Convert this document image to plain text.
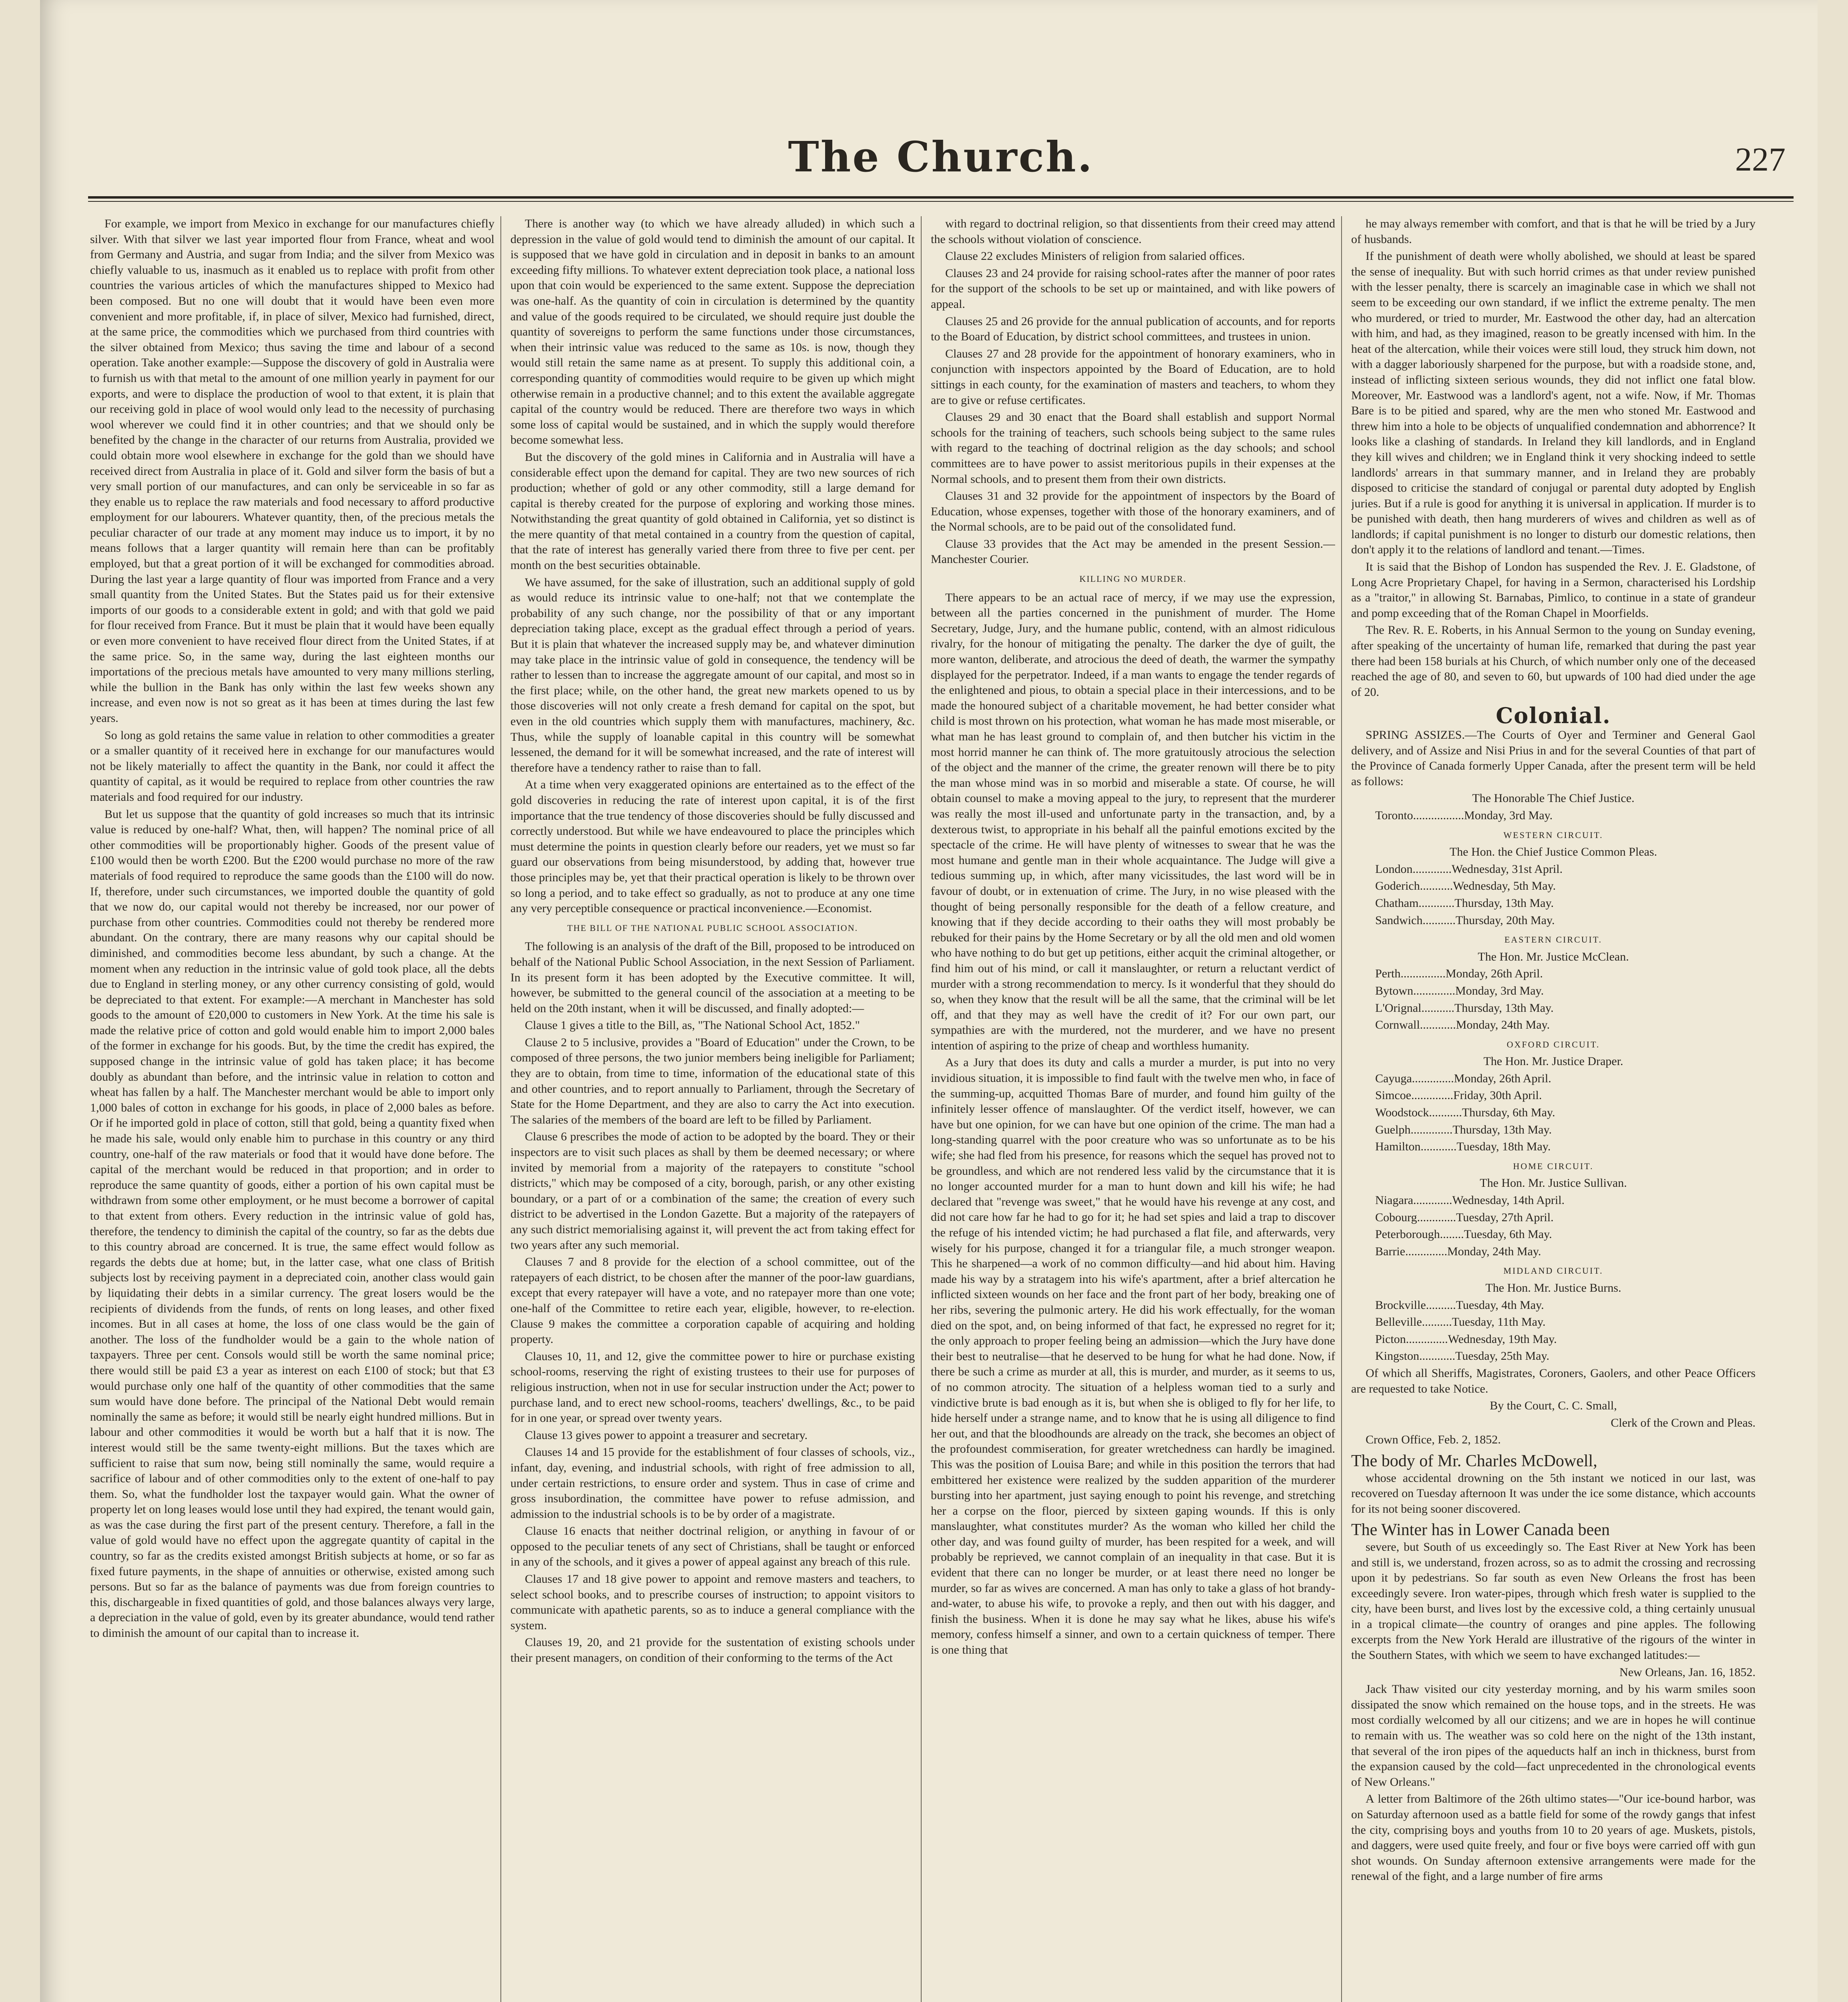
The Church.	227

For example, we import from Mexico in exchange for our manufactures chiefly silver. With that silver we last year imported flour from France, wheat and wool from Germany and Austria, and sugar from India; and the silver from Mexico was chiefly valuable to us, inasmuch as it enabled us to replace with profit from other countries the various articles of which the manufactures shipped to Mexico had been composed. But no one will doubt that it would have been even more convenient and more profitable, if, in place of silver, Mexico had furnished, direct, at the same price, the commodities which we purchased from third countries with the silver obtained from Mexico; thus saving the time and labour of a second operation. Take another example:—Suppose the discovery of gold in Australia were to furnish us with that metal to the amount of one million yearly in payment for our exports, and were to displace the production of wool to that extent, it is plain that our receiving gold in place of wool would only lead to the necessity of purchasing wool wherever we could find it in other countries; and that we should only be benefited by the change in the character of our returns from Australia, provided we could obtain more wool elsewhere in exchange for the gold than we should have received direct from Australia in place of it. Gold and silver form the basis of but a very small portion of our manufactures, and can only be serviceable in so far as they enable us to replace the raw materials and food necessary to afford productive employment for our labourers. Whatever quantity, then, of the precious metals the peculiar character of our trade at any moment may induce us to import, it by no means follows that a larger quantity will remain here than can be profitably employed, but that a great portion of it will be exchanged for commodities abroad. During the last year a large quantity of flour was imported from France and a very small quantity from the United States. But the States paid us for their extensive imports of our goods to a considerable extent in gold; and with that gold we paid for flour received from France. But it must be plain that it would have been equally or even more convenient to have received flour direct from the United States, if at the same price. So, in the same way, during the last eighteen months our importations of the precious metals have amounted to very many millions sterling, while the bullion in the Bank has only within the last few weeks shown any increase, and even now is not so great as it has been at times during the last few years.

So long as gold retains the same value in relation to other commodities a greater or a smaller quantity of it received here in exchange for our manufactures would not be likely materially to affect the quantity in the Bank, nor could it affect the quantity of capital, as it would be required to replace from other countries the raw materials and food required for our industry.

But let us suppose that the quantity of gold increases so much that its intrinsic value is reduced by one-half? What, then, will happen? The nominal price of all other commodities will be proportionably higher. Goods of the present value of £100 would then be worth £200. But the £200 would purchase no more of the raw materials of food required to reproduce the same goods than the £100 will do now. If, therefore, under such circumstances, we imported double the quantity of gold that we now do, our capital would not thereby be increased, nor our power of purchase from other countries. Commodities could not thereby be rendered more abundant. On the contrary, there are many reasons why our capital should be diminished, and commodities become less abundant, by such a change. At the moment when any reduction in the intrinsic value of gold took place, all the debts due to England in sterling money, or any other currency consisting of gold, would be depreciated to that extent. For example:—A merchant in Manchester has sold goods to the amount of £20,000 to customers in New York. At the time his sale is made the relative price of cotton and gold would enable him to import 2,000 bales of the former in exchange for his goods. But, by the time the credit has expired, the supposed change in the intrinsic value of gold has taken place; it has become doubly as abundant than before, and the intrinsic value in relation to cotton and wheat has fallen by a half. The Manchester merchant would be able to import only 1,000 bales of cotton in exchange for his goods, in place of 2,000 bales as before. Or if he imported gold in place of cotton, still that gold, being a quantity fixed when he made his sale, would only enable him to purchase in this country or any third country, one-half of the raw materials or food that it would have done before. The capital of the merchant would be reduced in that proportion; and in order to reproduce the same quantity of goods, either a portion of his own capital must be withdrawn from some other employment, or he must become a borrower of capital to that extent from others. Every reduction in the intrinsic value of gold has, therefore, the tendency to diminish the capital of the country, so far as the debts due to this country abroad are concerned. It is true, the same effect would follow as regards the debts due at home; but, in the latter case, what one class of British subjects lost by receiving payment in a depreciated coin, another class would gain by liquidating their debts in a similar currency. The great losers would be the recipients of dividends from the funds, of rents on long leases, and other fixed incomes. But in all cases at home, the loss of one class would be the gain of another. The loss of the fundholder would be a gain to the whole nation of taxpayers. Three per cent. Consols would still be worth the same nominal price; there would still be paid £3 a year as interest on each £100 of stock; but that £3 would purchase only one half of the quantity of other commodities that the same sum would have done before. The principal of the National Debt would remain nominally the same as before; it would still be nearly eight hundred millions. But in labour and other commodities it would be worth but a half that it is now. The interest would still be the same twenty-eight millions. But the taxes which are sufficient to raise that sum now, being still nominally the same, would require a sacrifice of labour and of other commodities only to the extent of one-half to pay them. So, what the fundholder lost the taxpayer would gain. What the owner of property let on long leases would lose until they had expired, the tenant would gain, as was the case during the first part of the present century. Therefore, a fall in the value of gold would have no effect upon the aggregate quantity of capital in the country, so far as the credits existed amongst British subjects at home, or so far as fixed future payments, in the shape of annuities or otherwise, existed among such persons. But so far as the balance of payments was due from foreign countries to this, dischargeable in fixed quantities of gold, and those balances always very large, a depreciation in the value of gold, even by its greater abundance, would tend rather to diminish the amount of our capital than to increase it.

There is another way (to which we have already alluded) in which such a depression in the value of gold would tend to diminish the amount of our capital. It is supposed that we have gold in circulation and in deposit in banks to an amount exceeding fifty millions. To whatever extent depreciation took place, a national loss upon that coin would be experienced to the same extent. Suppose the depreciation was one-half. As the quantity of coin in circulation is determined by the quantity and value of the goods required to be circulated, we should require just double the quantity of sovereigns to perform the same functions under those circumstances, when their intrinsic value was reduced to the same as 10s. is now, though they would still retain the same name as at present. To supply this additional coin, a corresponding quantity of commodities would require to be given up which might otherwise remain in a productive channel; and to this extent the available aggregate capital of the country would be reduced. There are therefore two ways in which some loss of capital would be sustained, and in which the supply would therefore become somewhat less.

But the discovery of the gold mines in California and in Australia will have a considerable effect upon the demand for capital. They are two new sources of rich production; whether of gold or any other commodity, still a large demand for capital is thereby created for the purpose of exploring and working those mines. Notwithstanding the great quantity of gold obtained in California, yet so distinct is the mere quantity of that metal contained in a country from the question of capital, that the rate of interest has generally varied there from three to five per cent. per month on the best securities obtainable.

We have assumed, for the sake of illustration, such an additional supply of gold as would reduce its intrinsic value to one-half; not that we contemplate the probability of any such change, nor the possibility of that or any important depreciation taking place, except as the gradual effect through a period of years. But it is plain that whatever the increased supply may be, and whatever diminution may take place in the intrinsic value of gold in consequence, the tendency will be rather to lessen than to increase the aggregate amount of our capital, and most so in the first place; while, on the other hand, the great new markets opened to us by those discoveries will not only create a fresh demand for capital on the spot, but even in the old countries which supply them with manufactures, machinery, &c. Thus, while the supply of loanable capital in this country will be somewhat lessened, the demand for it will be somewhat increased, and the rate of interest will therefore have a tendency rather to raise than to fall.

At a time when very exaggerated opinions are entertained as to the effect of the gold discoveries in reducing the rate of interest upon capital, it is of the first importance that the true tendency of those discoveries should be fully discussed and correctly understood. But while we have endeavoured to place the principles which must determine the points in question clearly before our readers, yet we must so far guard our observations from being misunderstood, by adding that, however true those principles may be, yet that their practical operation is likely to be thrown over so long a period, and to take effect so gradually, as not to produce at any one time any very perceptible consequence or practical inconvenience.—Economist.

THE BILL OF THE NATIONAL PUBLIC SCHOOL ASSOCIATION.

The following is an analysis of the draft of the Bill, proposed to be introduced on behalf of the National Public School Association, in the next Session of Parliament. In its present form it has been adopted by the Executive committee. It will, however, be submitted to the general council of the association at a meeting to be held on the 20th instant, when it will be discussed, and finally adopted:—

Clause 1 gives a title to the Bill, as, "The National School Act, 1852."

Clause 2 to 5 inclusive, provides a "Board of Education" under the Crown, to be composed of three persons, the two junior members being ineligible for Parliament; they are to obtain, from time to time, information of the educational state of this and other countries, and to report annually to Parliament, through the Secretary of State for the Home Department, and they are also to carry the Act into execution. The salaries of the members of the board are left to be filled by Parliament.

Clause 6 prescribes the mode of action to be adopted by the board. They or their inspectors are to visit such places as shall by them be deemed necessary; or where invited by memorial from a majority of the ratepayers to constitute "school districts," which may be composed of a city, borough, parish, or any other existing boundary, or a part of or a combination of the same; the creation of every such district to be advertised in the London Gazette. But a majority of the ratepayers of any such district memorialising against it, will prevent the act from taking effect for two years after any such memorial.

Clauses 7 and 8 provide for the election of a school committee, out of the ratepayers of each district, to be chosen after the manner of the poor-law guardians, except that every ratepayer will have a vote, and no ratepayer more than one vote; one-half of the Committee to retire each year, eligible, however, to re-election. Clause 9 makes the committee a corporation capable of acquiring and holding property.

Clauses 10, 11, and 12, give the committee power to hire or purchase existing school-rooms, reserving the right of existing trustees to their use for purposes of religious instruction, when not in use for secular instruction under the Act; power to purchase land, and to erect new school-rooms, teachers' dwellings, &c., to be paid for in one year, or spread over twenty years.

Clause 13 gives power to appoint a treasurer and secretary.

Clauses 14 and 15 provide for the establishment of four classes of schools, viz., infant, day, evening, and industrial schools, with right of free admission to all, under certain restrictions, to ensure order and system. Thus in case of crime and gross insubordination, the committee have power to refuse admission, and admission to the industrial schools is to be by order of a magistrate.

Clause 16 enacts that neither doctrinal religion, or anything in favour of or opposed to the peculiar tenets of any sect of Christians, shall be taught or enforced in any of the schools, and it gives a power of appeal against any breach of this rule.

Clauses 17 and 18 give power to appoint and remove masters and teachers, to select school books, and to prescribe courses of instruction; to appoint visitors to communicate with apathetic parents, so as to induce a general compliance with the system.

Clauses 19, 20, and 21 provide for the sustentation of existing schools under their present managers, on condition of their conforming to the terms of the Act

with regard to doctrinal religion, so that dissentients from their creed may attend the schools without violation of conscience.

Clause 22 excludes Ministers of religion from salaried offices.

Clauses 23 and 24 provide for raising school-rates after the manner of poor rates for the support of the schools to be set up or maintained, and with like powers of appeal.

Clauses 25 and 26 provide for the annual publication of accounts, and for reports to the Board of Education, by district school committees, and trustees in union.

Clauses 27 and 28 provide for the appointment of honorary examiners, who in conjunction with inspectors appointed by the Board of Education, are to hold sittings in each county, for the examination of masters and teachers, to whom they are to give or refuse certificates.

Clauses 29 and 30 enact that the Board shall establish and support Normal schools for the training of teachers, such schools being subject to the same rules with regard to the teaching of doctrinal religion as the day schools; and school committees are to have power to assist meritorious pupils in their expenses at the Normal schools, and to present them from their own districts.

Clauses 31 and 32 provide for the appointment of inspectors by the Board of Education, whose expenses, together with those of the honorary examiners, and of the Normal schools, are to be paid out of the consolidated fund.

Clause 33 provides that the Act may be amended in the present Session.—Manchester Courier.

KILLING NO MURDER.

There appears to be an actual race of mercy, if we may use the expression, between all the parties concerned in the punishment of murder. The Home Secretary, Judge, Jury, and the humane public, contend, with an almost ridiculous rivalry, for the honour of mitigating the penalty. The darker the dye of guilt, the more wanton, deliberate, and atrocious the deed of death, the warmer the sympathy displayed for the perpetrator. Indeed, if a man wants to engage the tender regards of the enlightened and pious, to obtain a special place in their intercessions, and to be made the honoured subject of a charitable movement, he had better consider what child is most thrown on his protection, what woman he has made most miserable, or what man he has least ground to complain of, and then butcher his victim in the most horrid manner he can think of. The more gratuitously atrocious the selection of the object and the manner of the crime, the greater renown will there be to pity the man whose mind was in so morbid and miserable a state. Of course, he will obtain counsel to make a moving appeal to the jury, to represent that the murderer was really the most ill-used and unfortunate party in the transaction, and, by a dexterous twist, to appropriate in his behalf all the painful emotions excited by the spectacle of the crime. He will have plenty of witnesses to swear that he was the most humane and gentle man in their whole acquaintance. The Judge will give a tedious summing up, in which, after many vicissitudes, the last word will be in favour of doubt, or in extenuation of crime. The Jury, in no wise pleased with the thought of being personally responsible for the death of a fellow creature, and knowing that if they decide according to their oaths they will most probably be rebuked for their pains by the Home Secretary or by all the old men and old women who have nothing to do but get up petitions, either acquit the criminal altogether, or find him out of his mind, or call it manslaughter, or return a reluctant verdict of murder with a strong recommendation to mercy. Is it wonderful that they should do so, when they know that the result will be all the same, that the criminal will be let off, and that they may as well have the credit of it? For our own part, our sympathies are with the murdered, not the murderer, and we have no present intention of aspiring to the prize of cheap and worthless humanity.

As a Jury that does its duty and calls a murder a murder, is put into no very invidious situation, it is impossible to find fault with the twelve men who, in face of the summing-up, acquitted Thomas Bare of murder, and found him guilty of the infinitely lesser offence of manslaughter. Of the verdict itself, however, we can have but one opinion, for we can have but one opinion of the crime. The man had a long-standing quarrel with the poor creature who was so unfortunate as to be his wife; she had fled from his presence, for reasons which the sequel has proved not to be groundless, and which are not rendered less valid by the circumstance that it is no longer accounted murder for a man to hunt down and kill his wife; he had declared that "revenge was sweet," that he would have his revenge at any cost, and did not care how far he had to go for it; he had set spies and laid a trap to discover the refuge of his intended victim; he had purchased a flat file, and afterwards, very wisely for his purpose, changed it for a triangular file, a much stronger weapon. This he sharpened—a work of no common difficulty—and hid about him. Having made his way by a stratagem into his wife's apartment, after a brief altercation he inflicted sixteen wounds on her face and the front part of her body, breaking one of her ribs, severing the pulmonic artery. He did his work effectually, for the woman died on the spot, and, on being informed of that fact, he expressed no regret for it; the only approach to proper feeling being an admission—which the Jury have done their best to neutralise—that he deserved to be hung for what he had done. Now, if there be such a crime as murder at all, this is murder, and murder, as it seems to us, of no common atrocity. The situation of a helpless woman tied to a surly and vindictive brute is bad enough as it is, but when she is obliged to fly for her life, to hide herself under a strange name, and to know that he is using all diligence to find her out, and that the bloodhounds are already on the track, she becomes an object of the profoundest commiseration, for greater wretchedness can hardly be imagined. This was the position of Louisa Bare; and while in this position the terrors that had embittered her existence were realized by the sudden apparition of the murderer bursting into her apartment, just saying enough to point his revenge, and stretching her a corpse on the floor, pierced by sixteen gaping wounds. If this is only manslaughter, what constitutes murder? As the woman who killed her child the other day, and was found guilty of murder, has been respited for a week, and will probably be reprieved, we cannot complain of an inequality in that case. But it is evident that there can no longer be murder, or at least there need no longer be murder, so far as wives are concerned. A man has only to take a glass of hot brandy-and-water, to abuse his wife, to provoke a reply, and then out with his dagger, and finish the business. When it is done he may say what he likes, abuse his wife's memory, confess himself a sinner, and own to a certain quickness of temper. There is one thing that

he may always remember with comfort, and that is that he will be tried by a Jury of husbands.

If the punishment of death were wholly abolished, we should at least be spared the sense of inequality. But with such horrid crimes as that under review punished with the lesser penalty, there is scarcely an imaginable case in which we shall not seem to be exceeding our own standard, if we inflict the extreme penalty. The men who murdered, or tried to murder, Mr. Eastwood the other day, had an altercation with him, and had, as they imagined, reason to be greatly incensed with him. In the heat of the altercation, while their voices were still loud, they struck him down, not with a dagger laboriously sharpened for the purpose, but with a roadside stone, and, instead of inflicting sixteen serious wounds, they did not inflict one fatal blow. Moreover, Mr. Eastwood was a landlord's agent, not a wife. Now, if Mr. Thomas Bare is to be pitied and spared, why are the men who stoned Mr. Eastwood and threw him into a hole to be objects of unqualified condemnation and abhorrence? It looks like a clashing of standards. In Ireland they kill landlords, and in England they kill wives and children; we in England think it very shocking indeed to settle landlords' arrears in that summary manner, and in Ireland they are probably disposed to criticise the standard of conjugal or parental duty adopted by English juries. But if a rule is good for anything it is universal in application. If murder is to be punished with death, then hang murderers of wives and children as well as of landlords; if capital punishment is no longer to disturb our domestic relations, then don't apply it to the relations of landlord and tenant.—Times.

It is said that the Bishop of London has suspended the Rev. J. E. Gladstone, of Long Acre Proprietary Chapel, for having in a Sermon, characterised his Lordship as a "traitor," in allowing St. Barnabas, Pimlico, to continue in a state of grandeur and pomp exceeding that of the Roman Chapel in Moorfields.

The Rev. R. E. Roberts, in his Annual Sermon to the young on Sunday evening, after speaking of the uncertainty of human life, remarked that during the past year there had been 158 burials at his Church, of which number only one of the deceased reached the age of 80, and seven to 60, but upwards of 100 had died under the age of 20.

Colonial.

SPRING ASSIZES.—The Courts of Oyer and Terminer and General Gaol delivery, and of Assize and Nisi Prius in and for the several Counties of that part of the Province of Canada formerly Upper Canada, after the present term will be held as follows:

The Honorable The Chief Justice.

Toronto.................Monday, 3rd May.

WESTERN CIRCUIT.

The Hon. the Chief Justice Common Pleas.

London.............Wednesday, 31st April.

Goderich...........Wednesday, 5th May.

Chatham............Thursday, 13th May.

Sandwich...........Thursday, 20th May.

EASTERN CIRCUIT.

The Hon. Mr. Justice McClean.

Perth...............Monday, 26th April.

Bytown..............Monday, 3rd May.

L'Orignal...........Thursday, 13th May.

Cornwall............Monday, 24th May.

OXFORD CIRCUIT.

The Hon. Mr. Justice Draper.

Cayuga..............Monday, 26th April.

Simcoe..............Friday, 30th April.

Woodstock...........Thursday, 6th May.

Guelph..............Thursday, 13th May.

Hamilton............Tuesday, 18th May.

HOME CIRCUIT.

The Hon. Mr. Justice Sullivan.

Niagara.............Wednesday, 14th April.

Cobourg.............Tuesday, 27th April.

Peterborough........Tuesday, 6th May.

Barrie..............Monday, 24th May.

MIDLAND CIRCUIT.

The Hon. Mr. Justice Burns.

Brockville..........Tuesday, 4th May.

Belleville..........Tuesday, 11th May.

Picton..............Wednesday, 19th May.

Kingston............Tuesday, 25th May.

Of which all Sheriffs, Magistrates, Coroners, Gaolers, and other Peace Officers are requested to take Notice.

By the Court, C. C. Small,

Clerk of the Crown and Pleas.

Crown Office, Feb. 2, 1852.

The body of Mr. Charles McDowell,

whose accidental drowning on the 5th instant we noticed in our last, was recovered on Tuesday afternoon It was under the ice some distance, which accounts for its not being sooner discovered.

The Winter has in Lower Canada been

severe, but South of us exceedingly so. The East River at New York has been and still is, we understand, frozen across, so as to admit the crossing and recrossing upon it by pedestrians. So far south as even New Orleans the frost has been exceedingly severe. Iron water-pipes, through which fresh water is supplied to the city, have been burst, and lives lost by the excessive cold, a thing certainly unusual in a tropical climate—the country of oranges and pine apples. The following excerpts from the New York Herald are illustrative of the rigours of the winter in the Southern States, with which we seem to have exchanged latitudes:—

New Orleans, Jan. 16, 1852.

Jack Thaw visited our city yesterday morning, and by his warm smiles soon dissipated the snow which remained on the house tops, and in the streets. He was most cordially welcomed by all our citizens; and we are in hopes he will continue to remain with us. The weather was so cold here on the night of the 13th instant, that several of the iron pipes of the aqueducts half an inch in thickness, burst from the expansion caused by the cold—fact unprecedented in the chronological events of New Orleans."

A letter from Baltimore of the 26th ultimo states—"Our ice-bound harbor, was on Saturday afternoon used as a battle field for some of the rowdy gangs that infest the city, comprising boys and youths from 10 to 20 years of age. Muskets, pistols, and daggers, were used quite freely, and four or five boys were carried off with gun shot wounds. On Sunday afternoon extensive arrangements were made for the renewal of the fight, and a large number of fire arms
